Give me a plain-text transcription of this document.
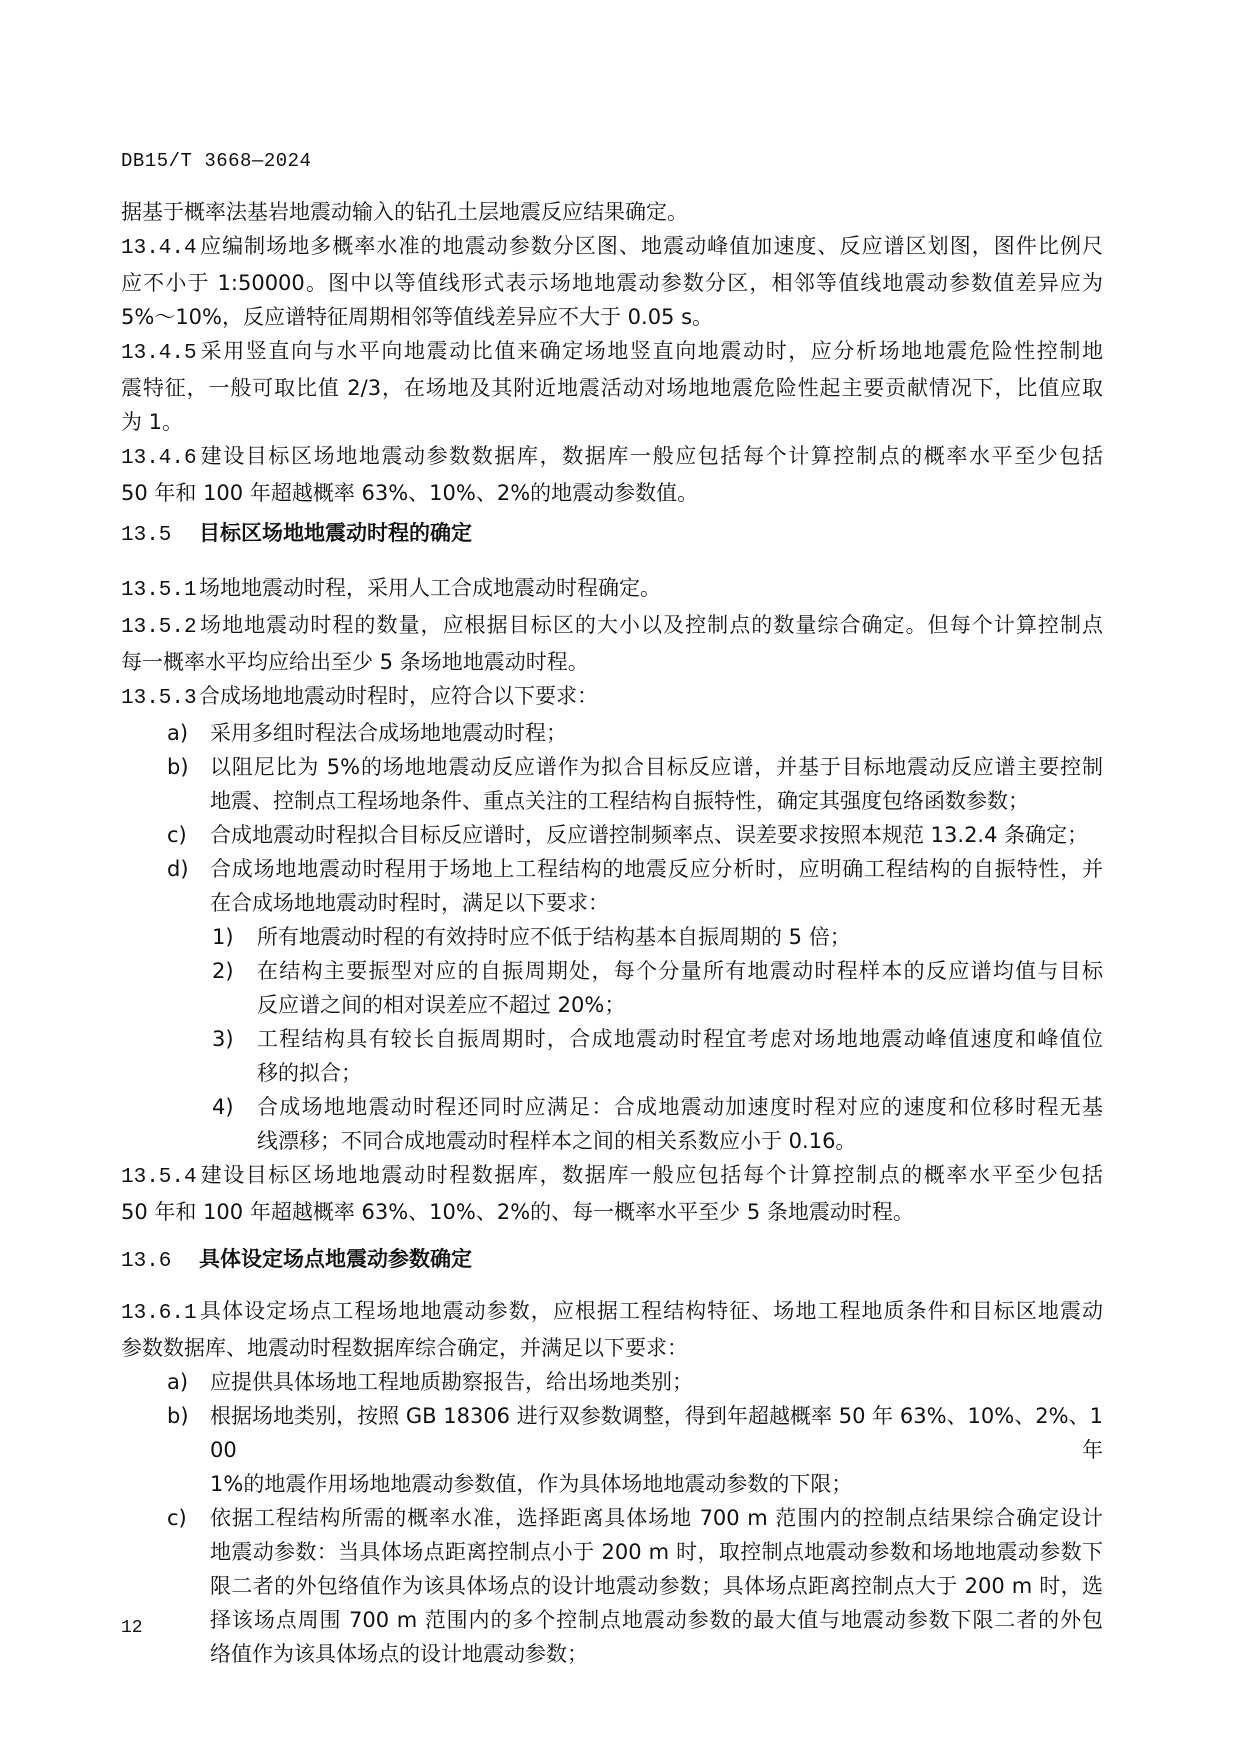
DB15/T 3668—2024
据基于概率法基岩地震动输入的钻孔土层地震反应结果确定。
13.4.4 应编制场地多概率水准的地震动参数分区图、地震动峰值加速度、反应谱区划图，图件比例尺
应不小于 1:50000。图中以等值线形式表示场地地震动参数分区，相邻等值线地震动参数值差异应为
5%～10%，反应谱特征周期相邻等值线差异应不大于 0.05 s。
13.4.5 采用竖直向与水平向地震动比值来确定场地竖直向地震动时，应分析场地地震危险性控制地
震特征，一般可取比值 2/3，在场地及其附近地震活动对场地地震危险性起主要贡献情况下，比值应取
为 1。
13.4.6 建设目标区场地地震动参数数据库，数据库一般应包括每个计算控制点的概率水平至少包括
50 年和 100 年超越概率 63%、10%、2%的地震动参数值。
13.5 目标区场地地震动时程的确定
13.5.1 场地地震动时程，采用人工合成地震动时程确定。
13.5.2 场地地震动时程的数量，应根据目标区的大小以及控制点的数量综合确定。但每个计算控制点
每一概率水平均应给出至少 5 条场地地震动时程。
13.5.3 合成场地地震动时程时，应符合以下要求：
a) 采用多组时程法合成场地地震动时程；
b) 以阻尼比为 5%的场地地震动反应谱作为拟合目标反应谱，并基于目标地震动反应谱主要控制
地震、控制点工程场地条件、重点关注的工程结构自振特性，确定其强度包络函数参数；
c) 合成地震动时程拟合目标反应谱时，反应谱控制频率点、误差要求按照本规范 13.2.4 条确定；
d) 合成场地地震动时程用于场地上工程结构的地震反应分析时，应明确工程结构的自振特性，并
在合成场地地震动时程时，满足以下要求：
1) 所有地震动时程的有效持时应不低于结构基本自振周期的 5 倍；
2) 在结构主要振型对应的自振周期处，每个分量所有地震动时程样本的反应谱均值与目标
反应谱之间的相对误差应不超过 20%；
3) 工程结构具有较长自振周期时，合成地震动时程宜考虑对场地地震动峰值速度和峰值位
移的拟合；
4) 合成场地地震动时程还同时应满足：合成地震动加速度时程对应的速度和位移时程无基
线漂移；不同合成地震动时程样本之间的相关系数应小于 0.16。
13.5.4 建设目标区场地地震动时程数据库，数据库一般应包括每个计算控制点的概率水平至少包括
50 年和 100 年超越概率 63%、10%、2%的、每一概率水平至少 5 条地震动时程。
13.6 具体设定场点地震动参数确定
13.6.1 具体设定场点工程场地地震动参数，应根据工程结构特征、场地工程地质条件和目标区地震动
参数数据库、地震动时程数据库综合确定，并满足以下要求：
a) 应提供具体场地工程地质勘察报告，给出场地类别；
b) 根据场地类别，按照 GB 18306 进行双参数调整，得到年超越概率 50 年 63%、10%、2%、100 年
1%的地震作用场地地震动参数值，作为具体场地地震动参数的下限；
c) 依据工程结构所需的概率水准，选择距离具体场地 700 m 范围内的控制点结果综合确定设计
地震动参数：当具体场点距离控制点小于 200 m 时，取控制点地震动参数和场地地震动参数下
限二者的外包络值作为该具体场点的设计地震动参数；具体场点距离控制点大于 200 m 时，选
择该场点周围 700 m 范围内的多个控制点地震动参数的最大值与地震动参数下限二者的外包
络值作为该具体场点的设计地震动参数；
12
